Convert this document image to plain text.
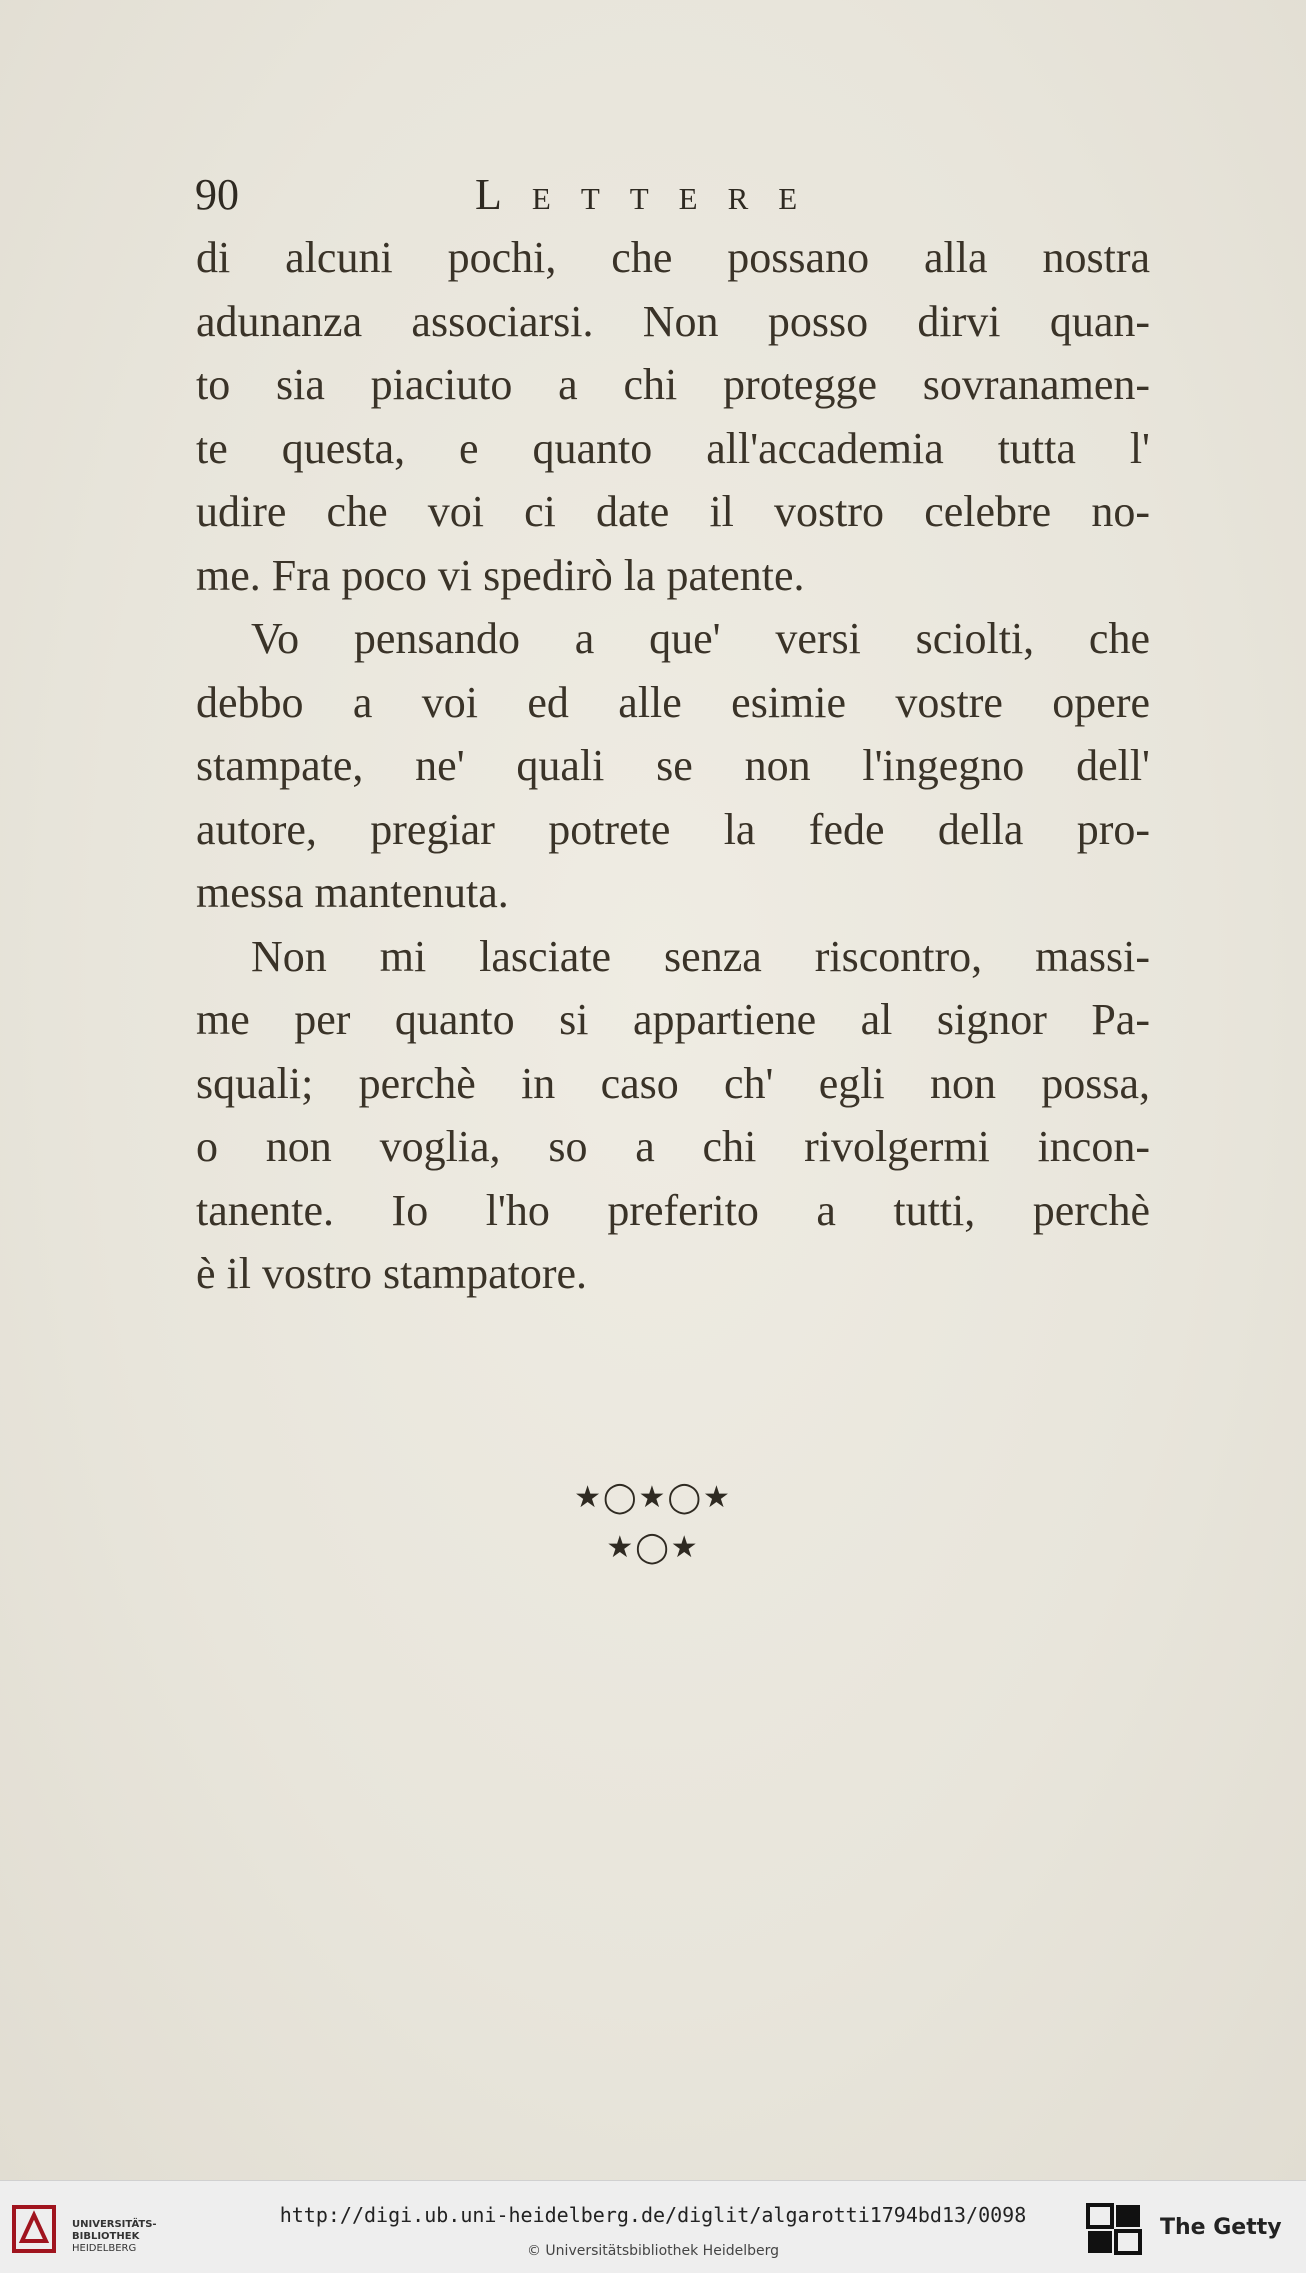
90	Lettere
di alcuni pochi, che possano alla nostra
adunanza associarsi. Non posso dirvi quan-
to sia piaciuto a chi protegge sovranamen-
te questa, e quanto all'accademia tutta l'
udire che voi ci date il vostro celebre no-
me. Fra poco vi spedirò la patente.
Vo pensando a que' versi sciolti, che
debbo a voi ed alle esimie vostre opere
stampate, ne' quali se non l'ingegno dell'
autore, pregiar potrete la fede della pro-
messa mantenuta.
Non mi lasciate senza riscontro, massi-
me per quanto si appartiene al signor Pa-
squali; perchè in caso ch' egli non possa,
o non voglia, so a chi rivolgermi incon-
tanente. Io l'ho preferito a tutti, perchè
è il vostro stampatore.
★◯★◯★
★◯★
UNIVERSITÄTS-
BIBLIOTHEK
HEIDELBERG
http://digi.ub.uni-heidelberg.de/diglit/algarotti1794bd13/0098
© Universitätsbibliothek Heidelberg
The Getty
